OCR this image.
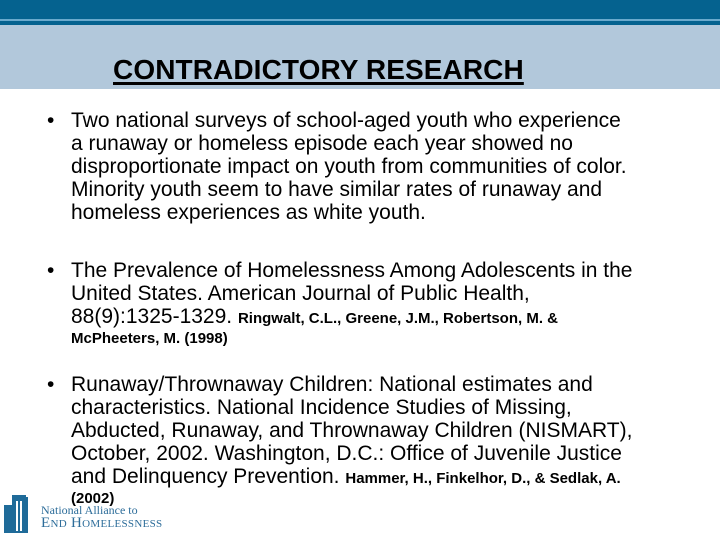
CONTRADICTORY RESEARCH
• Two national surveys of school-aged youth who experience
a runaway or homeless episode each year showed no
disproportionate impact on youth from communities of color.
Minority youth seem to have similar rates of runaway and
homeless experiences as white youth.
• The Prevalence of Homelessness Among Adolescents in the
United States. American Journal of Public Health,
88(9):1325-1329. Ringwalt, C.L., Greene, J.M., Robertson, M. &
McPheeters, M. (1998)
• Runaway/Thrownaway Children: National estimates and
characteristics. National Incidence Studies of Missing,
Abducted, Runaway, and Thrownaway Children (NISMART),
October, 2002. Washington, D.C.: Office of Juvenile Justice
and Delinquency Prevention. Hammer, H., Finkelhor, D., & Sedlak, A.
(2002)
National Alliance to
End Homelessness
